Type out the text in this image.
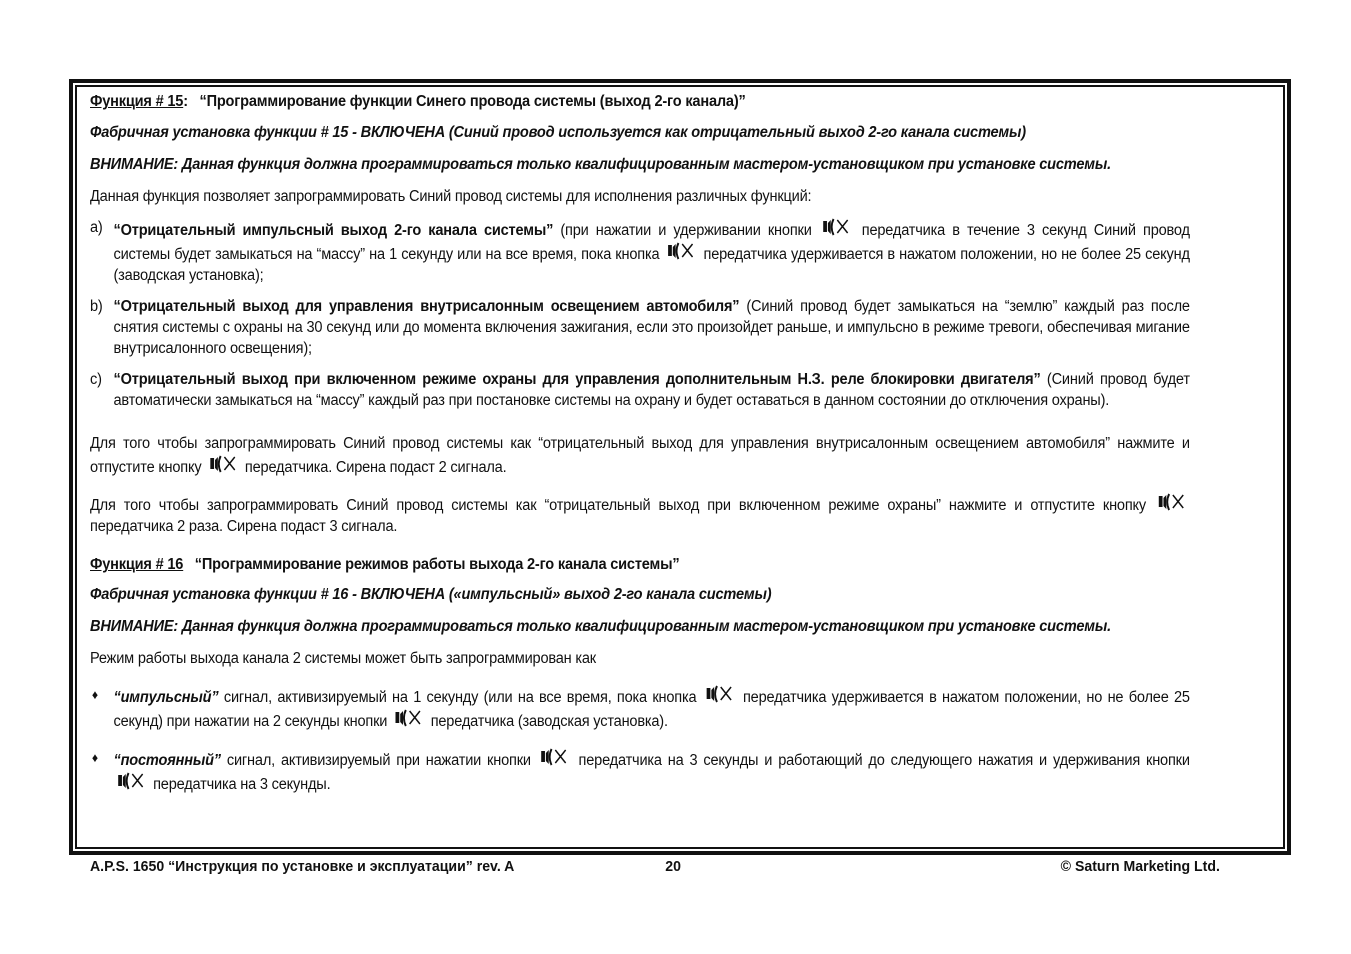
Функция # 15: “Программирование функции Синего провода системы (выход 2-го канала)”

Фабричная установка функции # 15 - ВКЛЮЧЕНА (Синий провод используется как отрицательный выход 2-го канала системы)

ВНИМАНИЕ: Данная функция должна программироваться только квалифицированным мастером-установщиком при установке системы.

Данная функция позволяет запрограммировать Синий провод системы для исполнения различных функций:

a) “Отрицательный импульсный выход 2-го канала системы” (при нажатии и удерживании кнопки	передатчика в течение 3 секунд Синий провод системы будет замыкаться на “массу” на 1 секунду или на все время, пока кнопка	передатчика удерживается в нажатом положении, но не более 25 секунд (заводская установка);
b) “Отрицательный выход для управления внутрисалонным освещением автомобиля” (Синий провод будет замыкаться на “землю” каждый раз после снятия системы с охраны на 30 секунд или до момента включения зажигания, если это произойдет раньше, и импульсно в режиме тревоги, обеспечивая мигание внутрисалонного освещения);
c) “Отрицательный выход при включенном режиме охраны для управления дополнительным Н.З. реле блокировки двигателя” (Синий провод будет автоматически замыкаться на “массу” каждый раз при постановке системы на охрану и будет оставаться в данном состоянии до отключения охраны).

Для того чтобы запрограммировать Синий провод системы как “отрицательный выход для управления внутрисалонным освещением автомобиля” нажмите и отпустите кнопку	передатчика. Сирена подаст 2 сигнала.

Для того чтобы запрограммировать Синий провод системы как “отрицательный выход при включенном режиме охраны” нажмите и отпустите кнопку
передатчика 2 раза. Сирена подаст 3 сигнала.

Функция # 16 “Программирование режимов работы выхода 2-го канала системы”

Фабричная установка функции # 16 - ВКЛЮЧЕНА («импульсный» выход 2-го канала системы)

ВНИМАНИЕ: Данная функция должна программироваться только квалифицированным мастером-установщиком при установке системы.

Режим работы выхода канала 2 системы может быть запрограммирован как

♦ “импульсный” сигнал, активизируемый на 1 секунду (или на все время, пока кнопка	передатчика удерживается в нажатом положении, но не более 25 секунд) при нажатии на 2 секунды кнопки	передатчика (заводская установка).
♦ “постоянный” сигнал, активизируемый при нажатии кнопки	передатчика на 3 секунды и работающий до следующего нажатия и удерживания кнопки
передатчика на 3 секунды.
A.P.S. 1650 “Инструкция по установке и эксплуатации” rev. A	20	© Saturn Marketing Ltd.
